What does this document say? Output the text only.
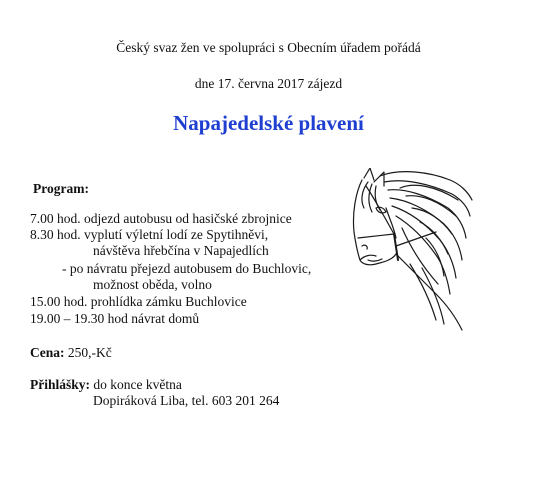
Český svaz žen ve spolupráci s Obecním úřadem pořádá
dne 17. června 2017 zájezd
Napajedelské plavení
Program:
7.00 hod. odjezd autobusu od hasičské zbrojnice
8.30 hod. vyplutí výletní lodí ze Spytihněvi,
návštěva hřebčína v Napajedlích
- po návratu přejezd autobusem do Buchlovic,
možnost oběda, volno
15.00 hod. prohlídka zámku Buchlovice
19.00 – 19.30 hod návrat domů
Cena: 250,-Kč
Přihlášky: do konce května
Dopiráková Liba, tel. 603 201 264
